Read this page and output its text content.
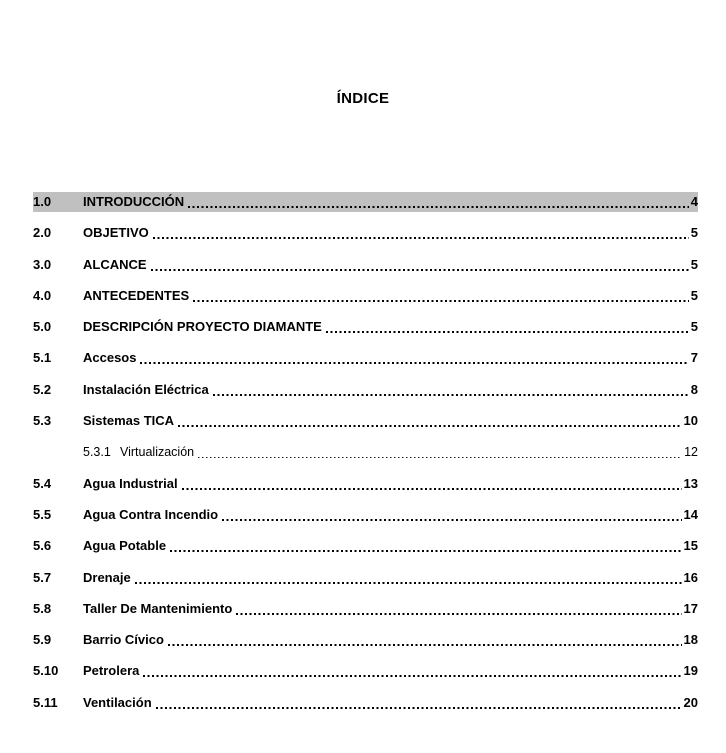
ÍNDICE
1.0	INTRODUCCIÓN	4
2.0	OBJETIVO	5
3.0	ALCANCE	5
4.0	ANTECEDENTES	5
5.0	DESCRIPCIÓN PROYECTO DIAMANTE	5
5.1	Accesos	7
5.2	Instalación Eléctrica	8
5.3	Sistemas TICA	10
5.3.1 Virtualización	12
5.4	Agua Industrial	13
5.5	Agua Contra Incendio	14
5.6	Agua Potable	15
5.7	Drenaje	16
5.8	Taller De Mantenimiento	17
5.9	Barrio Cívico	18
5.10	Petrolera	19
5.11	Ventilación	20
